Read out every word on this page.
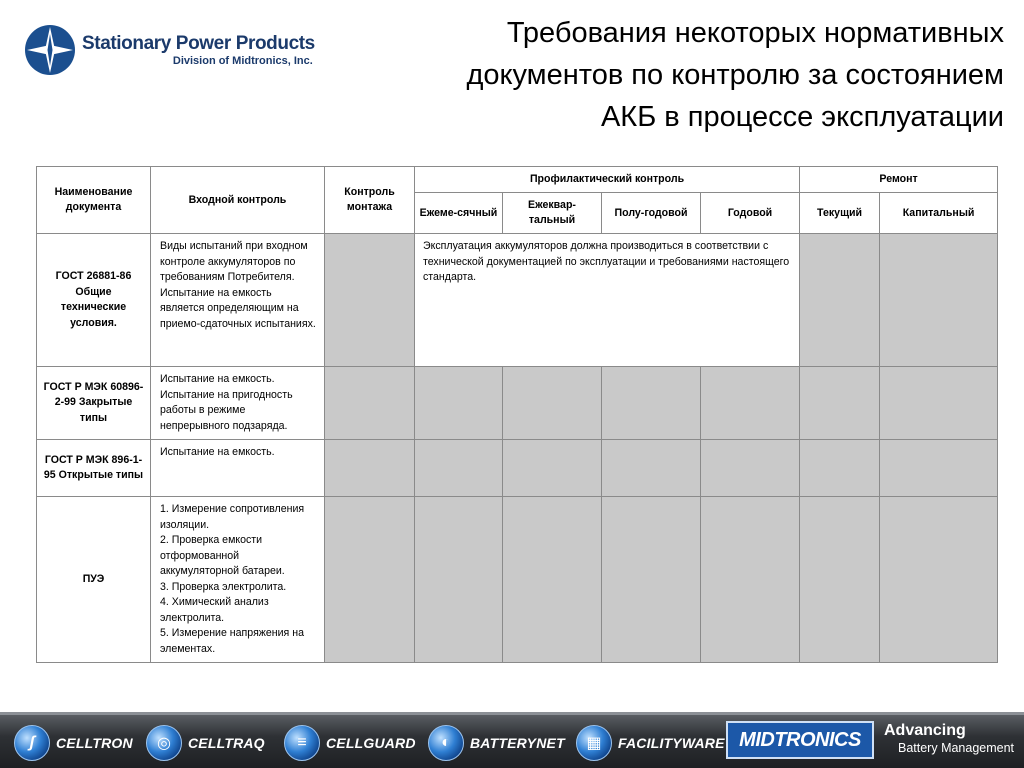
Stationary Power Products
Division of Midtronics, Inc.
Требования некоторых нормативных
документов по контролю за состоянием
АКБ в процессе эксплуатации
Наименование документа	Входной контроль	Контроль монтажа	Профилактический контроль				Ремонт	
			Ежеме-сячный	Ежеквар-тальный	Полу-годовой	Годовой	Текущий	Капитальный
ГОСТ 26881-86 Общие технические условия.	Виды испытаний при входном контроле аккумуляторов по требованиям Потребителя. Испытание на емкость является определяющим на приемо-сдаточных испытаниях.		Эксплуатация аккумуляторов должна производиться в соответствии с технической документацией по эксплуатации и требованиями настоящего стандарта.					
ГОСТ Р МЭК 60896-2-99 Закрытые типы	Испытание на емкость. Испытание на пригодность работы в режиме непрерывного подзаряда.							
ГОСТ Р МЭК 896-1-95 Открытые типы	Испытание на емкость.							
ПУЭ	1. Измерение сопротивления изоляции.
2. Проверка емкости отформованной аккумуляторной батареи.
3. Проверка электролита.
4. Химический анализ электролита.
5. Измерение напряжения на элементах.							

ʃ	CELLTRON	◎	CELLTRAQ	≡	CELLGUARD	◐	BATTERYNET	▦	FACILITYWARE MIDTRONICS	Advancing
Battery Management
